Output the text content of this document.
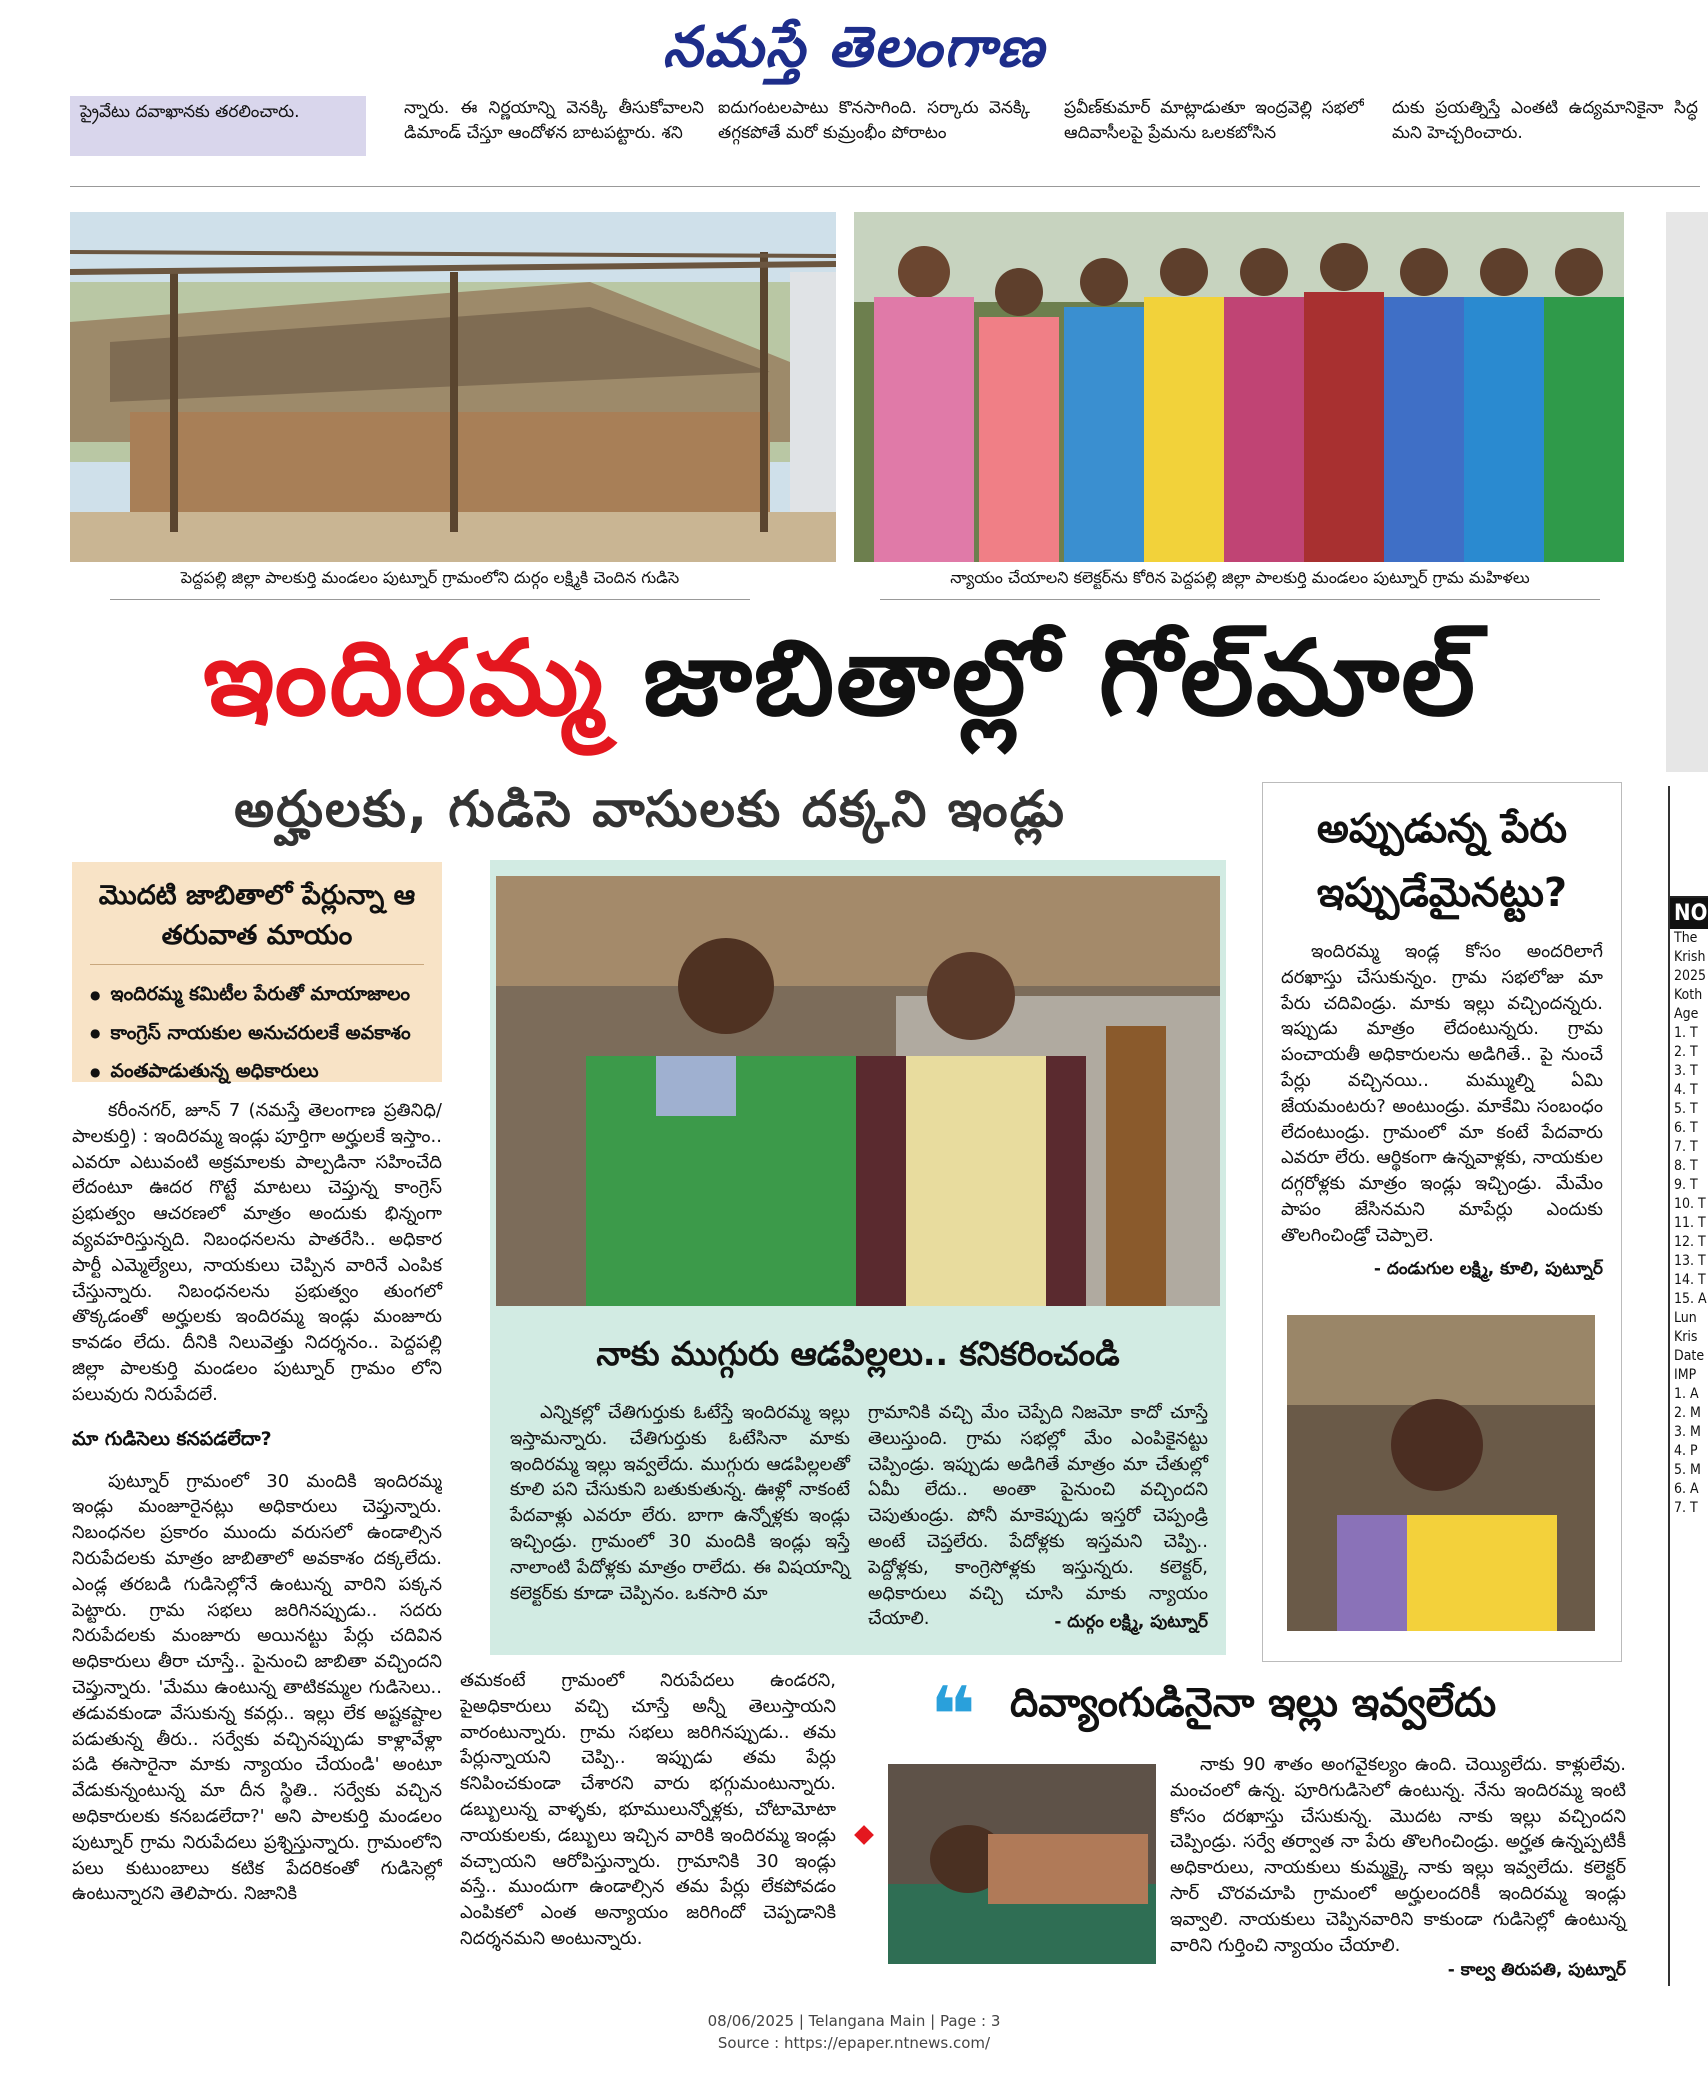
నమస్తే తెలంగాణ
ప్రైవేటు దవాఖానకు తరలించారు.	న్నారు. ఈ నిర్ణయాన్ని వెనక్కి తీసుకోవాలని డిమాండ్ చేస్తూ ఆందోళన బాటపట్టారు. శని
ఐదుగంటలపాటు కొనసాగింది. సర్కారు వెనక్కి తగ్గకపోతే మరో కుమ్రంభీం పోరాటం
ప్రవీణ్‌కుమార్ మాట్లాడుతూ ఇంద్రవెల్లి సభలో ఆదివాసీలపై ప్రేమను ఒలకబోసిన
దుకు ప్రయత్నిస్తే ఎంతటి ఉద్యమానికైనా సిద్ధ మని హెచ్చరించారు.
పెద్దపల్లి జిల్లా పాలకుర్తి మండలం పుట్నూర్ గ్రామంలోని దుర్గం లక్ష్మికి చెందిన గుడిసె	న్యాయం చేయాలని కలెక్టర్‌ను కోరిన పెద్దపల్లి జిల్లా పాలకుర్తి మండలం పుట్నూర్ గ్రామ మహిళలు
ఇందిరమ్మ జాబితాల్లో గోల్‌మాల్
అర్హులకు, గుడిసె వాసులకు దక్కని ఇండ్లు
మొదటి జాబితాలో పేర్లున్నా ఆ తరువాత మాయం
● ఇందిరమ్మ కమిటీల పేరుతో మాయాజాలం
● కాంగ్రెస్ నాయకుల అనుచరులకే అవకాశం
● వంతపాడుతున్న అధికారులు
కరీంనగర్, జూన్ 7 (నమస్తే తెలంగాణ ప్రతినిధి/ పాలకుర్తి) : ఇందిరమ్మ ఇండ్లు పూర్తిగా అర్హులకే ఇస్తాం.. ఎవరూ ఎటువంటి అక్రమాలకు పాల్పడినా సహించేది లేదంటూ ఊదర గొట్టే మాటలు చెప్తున్న కాంగ్రెస్ ప్రభుత్వం ఆచరణలో మాత్రం అందుకు భిన్నంగా వ్యవహరిస్తున్నది. నిబంధనలను పాతరేసి.. అధికార పార్టీ ఎమ్మెల్యేలు, నాయకులు చెప్పిన వారినే ఎంపిక చేస్తున్నారు. నిబంధనలను ప్రభుత్వం తుంగలో తొక్కడంతో అర్హులకు ఇందిరమ్మ ఇండ్లు మంజూరు కావడం లేదు. దీనికి నిలువెత్తు నిదర్శనం.. పెద్దపల్లి జిల్లా పాలకుర్తి మండలం పుట్నూర్ గ్రామం లోని పలువురు నిరుపేదలే.
మా గుడిసెలు కనపడలేదా?
పుట్నూర్ గ్రామంలో 30 మందికి ఇందిరమ్మ ఇండ్లు మంజూరైనట్లు అధికారులు చెప్తున్నారు. నిబంధనల ప్రకారం ముందు వరుసలో ఉండాల్సిన నిరుపేదలకు మాత్రం జాబితాలో అవకాశం దక్కలేదు. ఎండ్ల తరబడి గుడిసెల్లోనే ఉంటున్న వారిని పక్కన పెట్టారు. గ్రామ సభలు జరిగినప్పుడు.. సదరు నిరుపేదలకు మంజూరు అయినట్టు పేర్లు చదివిన అధికారులు తీరా చూస్తే.. పైనుంచి జాబితా వచ్చిందని చెప్తున్నారు. 'మేము ఉంటున్న తాటికమ్మల గుడిసెలు.. తడువకుండా వేసుకున్న కవర్లు.. ఇల్లు లేక అష్టకష్టాల పడుతున్న తీరు.. సర్వేకు వచ్చినప్పుడు కాళ్లావేళ్లా పడి ఈసారైనా మాకు న్యాయం చేయండి' అంటూ వేడుకున్నంటున్న మా దీన స్థితి.. సర్వేకు వచ్చిన అధికారులకు కనబడలేదా?' అని పాలకుర్తి మండలం పుట్నూర్ గ్రామ నిరుపేదలు ప్రశ్నిస్తున్నారు. గ్రామంలోని పలు కుటుంబాలు కటిక పేదరికంతో గుడిసెల్లో ఉంటున్నారని తెలిపారు. నిజానికి
తమకంటే గ్రామంలో నిరుపేదలు ఉండరని, పైఅధికారులు వచ్చి చూస్తే అన్నీ తెలుస్తాయని వారంటున్నారు. గ్రామ సభలు జరిగినప్పుడు.. తమ పేర్లున్నాయని చెప్పి.. ఇప్పుడు తమ పేర్లు కనిపించకుండా చేశారని వారు భగ్గుమంటున్నారు. డబ్బులున్న వాళ్ళకు, భూములున్నోళ్లకు, చోటామోటా నాయకులకు, డబ్బులు ఇచ్చిన వారికి ఇందిరమ్మ ఇండ్లు వచ్చాయని ఆరోపిస్తున్నారు. గ్రామానికి 30 ఇండ్లు వస్తే.. ముందుగా ఉండాల్సిన తమ పేర్లు లేకపోవడం ఎంపికలో ఎంత అన్యాయం జరిగిందో చెప్పడానికి నిదర్శనమని అంటున్నారు.
నాకు ముగ్గురు ఆడపిల్లలు.. కనికరించండి
ఎన్నికల్లో చేతిగుర్తుకు ఓటేస్తే ఇందిరమ్మ ఇల్లు ఇస్తామన్నారు. చేతిగుర్తుకు ఓటేసినా మాకు ఇందిరమ్మ ఇల్లు ఇవ్వలేదు. ముగ్గురు ఆడపిల్లలతో కూలి పని చేసుకుని బతుకుతున్న. ఊళ్లో నాకంటే పేదవాళ్లు ఎవరూ లేరు. బాగా ఉన్నోళ్లకు ఇండ్లు ఇచ్చిండ్రు. గ్రామంలో 30 మందికి ఇండ్లు ఇస్తే నాలాంటి పేదోళ్లకు మాత్రం రాలేదు. ఈ విషయాన్ని కలెక్టర్‌కు కూడా చెప్పినం. ఒకసారి మా
గ్రామానికి వచ్చి మేం చెప్పేది నిజమో కాదో చూస్తే తెలుస్తుంది. గ్రామ సభల్లో మేం ఎంపికైనట్టు చెప్పిండ్రు. ఇప్పుడు అడిగితే మాత్రం మా చేతుల్లో ఏమీ లేదు.. అంతా పైనుంచి వచ్చిందని చెపుతుండ్రు. పోనీ మాకెప్పుడు ఇస్తరో చెప్పండ్రి అంటే చెప్తలేరు. పేదోళ్లకు ఇస్తమని చెప్పి.. పెద్దోళ్లకు, కాంగ్రెసోళ్లకు ఇస్తున్నరు. కలెక్టర్, అధికారులు వచ్చి చూసి మాకు న్యాయం చేయాలి.	- దుర్గం లక్ష్మి, పుట్నూర్
అప్పుడున్న పేరు ఇప్పుడేమైనట్టు?
ఇందిరమ్మ ఇండ్ల కోసం అందరిలాగే దరఖాస్తు చేసుకున్నం. గ్రామ సభలోజు మా పేరు చదివిండ్రు. మాకు ఇల్లు వచ్చిందన్నరు. ఇప్పుడు మాత్రం లేదంటున్నరు. గ్రామ పంచాయతీ అధికారులను అడిగితే.. పై నుంచే పేర్లు వచ్చినయి.. మమ్ముల్ని ఏమి జేయమంటరు? అంటుండ్రు. మాకేమి సంబంధం లేదంటుండ్రు. గ్రామంలో మా కంటే పేదవారు ఎవరూ లేరు. ఆర్థికంగా ఉన్నవాళ్లకు, నాయకుల దగ్గరోళ్లకు మాత్రం ఇండ్లు ఇచ్చిండ్రు. మేమేం పాపం జేసినమని మాపేర్లు ఎందుకు తొలగించిండ్రో చెప్పాలె.
- దండుగుల లక్ష్మి, కూలి, పుట్నూర్
❝ దివ్యాంగుడినైనా ఇల్లు ఇవ్వలేదు
నాకు 90 శాతం అంగవైకల్యం ఉంది. చెయ్యిలేదు. కాళ్లులేవు. మంచంలో ఉన్న. పూరిగుడిసెలో ఉంటున్న. నేను ఇందిరమ్మ ఇంటి కోసం దరఖాస్తు చేసుకున్న. మొదట నాకు ఇల్లు వచ్చిందని చెప్పిండ్రు. సర్వే తర్వాత నా పేరు తొలగించిండ్రు. అర్హత ఉన్నప్పటికీ అధికారులు, నాయకులు కుమ్మక్కై నాకు ఇల్లు ఇవ్వలేదు. కలెక్టర్ సార్ చొరవచూపి గ్రామంలో అర్హులందరికీ ఇందిరమ్మ ఇండ్లు ఇవ్వాలి. నాయకులు చెప్పినవారిని కాకుండా గుడిసెల్లో ఉంటున్న వారిని గుర్తించి న్యాయం చేయాలి.
- కాల్వ తిరుపతి, పుట్నూర్
NO
The
Krish
2025
Koth
Age
1. T
2. T
3. T
4. T
5. T
6. T
7. T
8. T
9. T
10. T
11. T
12. T
13. T
14. T
15. A
Lun
Kris
Date
IMP
1. A
2. M
3. M
4. P
5. M
6. A
7. T
08/06/2025 | Telangana Main | Page : 3
Source : https://epaper.ntnews.com/
